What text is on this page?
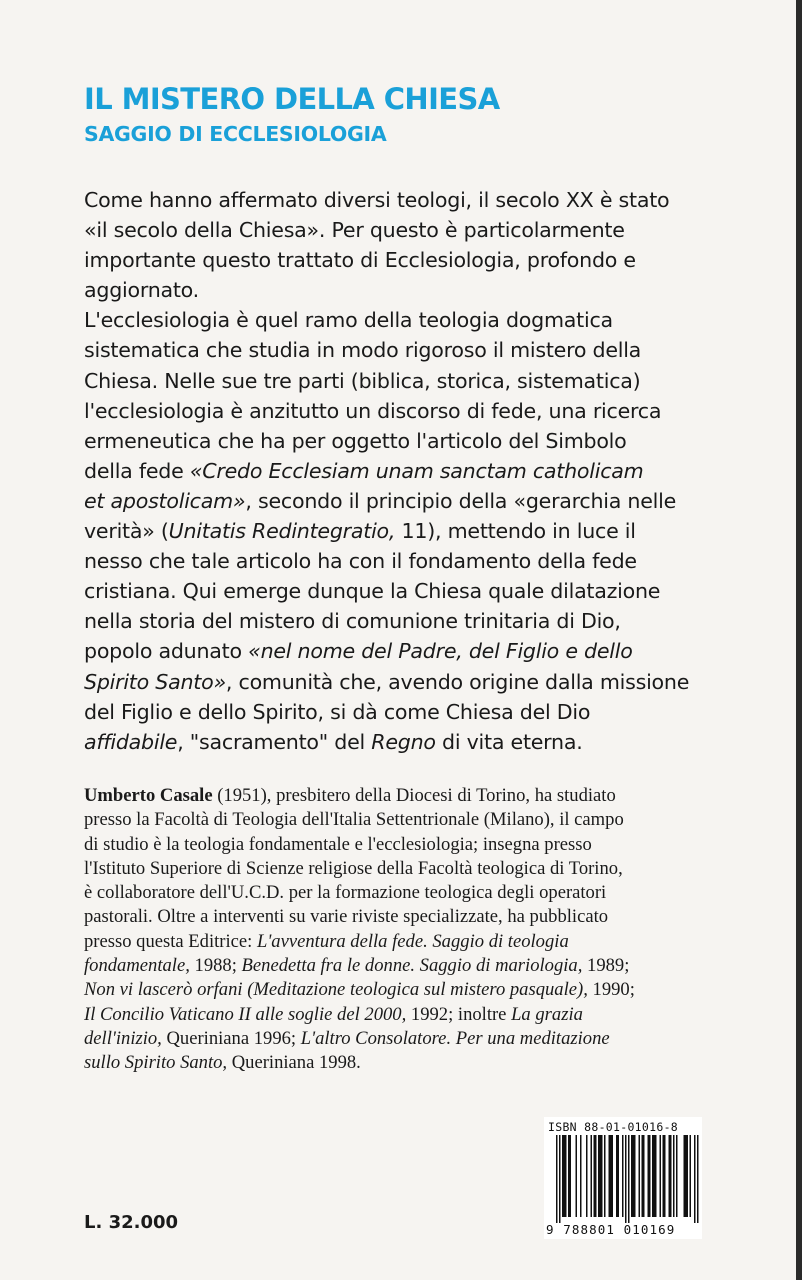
IL MISTERO DELLA CHIESA
SAGGIO DI ECCLESIOLOGIA
Come hanno affermato diversi teologi, il secolo XX è stato
«il secolo della Chiesa». Per questo è particolarmente
importante questo trattato di Ecclesiologia, profondo e
aggiornato.
L'ecclesiologia è quel ramo della teologia dogmatica
sistematica che studia in modo rigoroso il mistero della
Chiesa. Nelle sue tre parti (biblica, storica, sistematica)
l'ecclesiologia è anzitutto un discorso di fede, una ricerca
ermeneutica che ha per oggetto l'articolo del Simbolo
della fede «Credo Ecclesiam unam sanctam catholicam
et apostolicam», secondo il principio della «gerarchia nelle
verità» (Unitatis Redintegratio, 11), mettendo in luce il
nesso che tale articolo ha con il fondamento della fede
cristiana. Qui emerge dunque la Chiesa quale dilatazione
nella storia del mistero di comunione trinitaria di Dio,
popolo adunato «nel nome del Padre, del Figlio e dello
Spirito Santo», comunità che, avendo origine dalla missione
del Figlio e dello Spirito, si dà come Chiesa del Dio
affidabile, "sacramento" del Regno di vita eterna.
Umberto Casale (1951), presbitero della Diocesi di Torino, ha studiato
presso la Facoltà di Teologia dell'Italia Settentrionale (Milano), il campo
di studio è la teologia fondamentale e l'ecclesiologia; insegna presso
l'Istituto Superiore di Scienze religiose della Facoltà teologica di Torino,
è collaboratore dell'U.C.D. per la formazione teologica degli operatori
pastorali. Oltre a interventi su varie riviste specializzate, ha pubblicato
presso questa Editrice: L'avventura della fede. Saggio di teologia
fondamentale, 1988; Benedetta fra le donne. Saggio di mariologia, 1989;
Non vi lascerò orfani (Meditazione teologica sul mistero pasquale), 1990;
Il Concilio Vaticano II alle soglie del 2000, 1992; inoltre La grazia
dell'inizio, Queriniana 1996; L'altro Consolatore. Per una meditazione
sullo Spirito Santo, Queriniana 1998.
L. 32.000
ISBN 88-01-01016-8
9 788801 010169
